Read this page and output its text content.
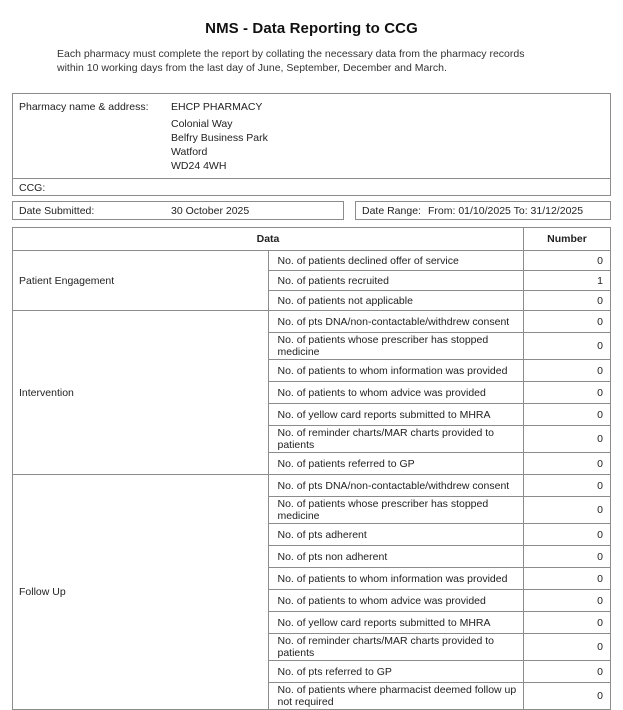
NMS - Data Reporting to CCG

Each pharmacy must complete the report by collating the necessary data from the pharmacy records
within 10 working days from the last day of June, September, December and March.

Pharmacy name & address:	EHCP PHARMACY
Colonial Way
Belfry Business Park
Watford
WD24 4WH
CCG:
Date Submitted:	30 October 2025	Date Range: From: 01/10/2025 To: 31/12/2025
Data		Number
Patient Engagement	No. of patients declined offer of service	0
	No. of patients recruited	1
	No. of patients not applicable	0
Intervention	No. of pts DNA/non-contactable/withdrew consent	0
	No. of patients whose prescriber has stopped medicine	0
	No. of patients to whom information was provided	0
	No. of patients to whom advice was provided	0
	No. of yellow card reports submitted to MHRA	0
	No. of reminder charts/MAR charts provided to patients	0
	No. of patients referred to GP	0
Follow Up	No. of pts DNA/non-contactable/withdrew consent	0
	No. of patients whose prescriber has stopped medicine	0
	No. of pts adherent	0
	No. of pts non adherent	0
	No. of patients to whom information was provided	0
	No. of patients to whom advice was provided	0
	No. of yellow card reports submitted to MHRA	0
	No. of reminder charts/MAR charts provided to patients	0
	No. of pts referred to GP	0
	No. of patients where pharmacist deemed follow up not required	0
